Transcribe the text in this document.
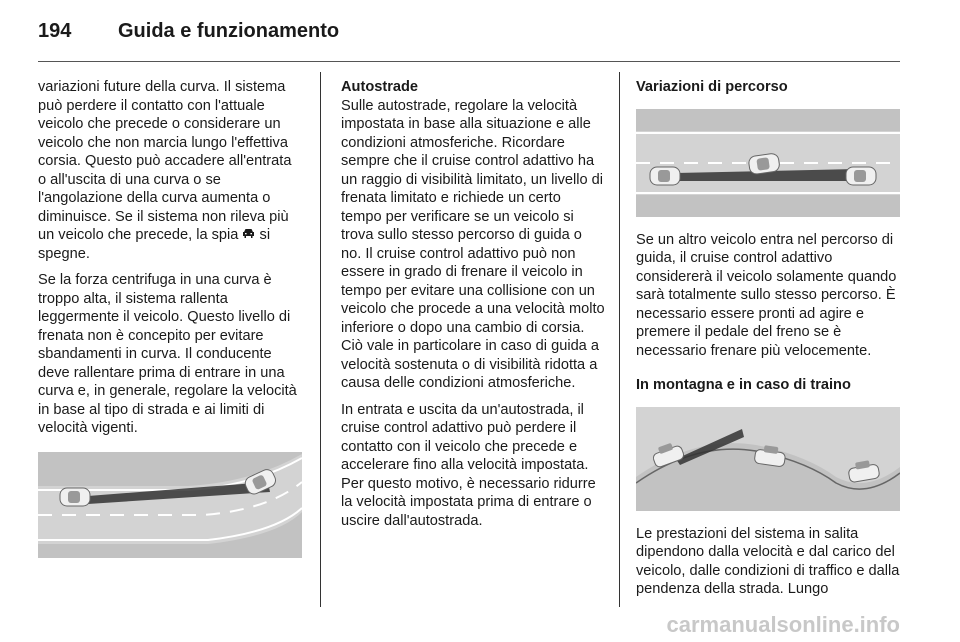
194 Guida e funzionamento

variazioni future della curva. Il sistema può perdere il contatto con l'attuale veicolo che precede o considerare un veicolo che non marcia lungo l'effettiva corsia. Questo può accadere all'entrata o all'uscita di una curva o se l'angolazione della curva aumenta o diminuisce. Se il sistema non rileva più un veicolo che precede, la spia si spegne.

Se la forza centrifuga in una curva è troppo alta, il sistema rallenta leggermente il veicolo. Questo livello di frenata non è concepito per evitare sbandamenti in curva. Il conducente deve rallentare prima di entrare in una curva e, in generale, regolare la velocità in base al tipo di strada e ai limiti di velocità vigenti.

Autostrade

Sulle autostrade, regolare la velocità impostata in base alla situazione e alle condizioni atmosferiche. Ricordare sempre che il cruise control adattivo ha un raggio di visibilità limitato, un livello di frenata limitato e richiede un certo tempo per verificare se un veicolo si trova sullo stesso percorso di guida o no. Il cruise control adattivo può non essere in grado di frenare il veicolo in tempo per evitare una collisione con un veicolo che procede a una velocità molto inferiore o dopo una cambio di corsia. Ciò vale in particolare in caso di guida a velocità sostenuta o di visibilità ridotta a causa delle condizioni atmosferiche.

In entrata e uscita da un'autostrada, il cruise control adattivo può perdere il contatto con il veicolo che precede e accelerare fino alla velocità impostata. Per questo motivo, è necessario ridurre la velocità impostata prima di entrare o uscire dall'autostrada.

Variazioni di percorso

Se un altro veicolo entra nel percorso di guida, il cruise control adattivo considererà il veicolo solamente quando sarà totalmente sullo stesso percorso. È necessario essere pronti ad agire e premere il pedale del freno se è necessario frenare più velocemente.

In montagna e in caso di traino

Le prestazioni del sistema in salita dipendono dalla velocità e dal carico del veicolo, dalle condizioni di traffico e dalla pendenza della strada. Lungo

carmanualsonline.info
